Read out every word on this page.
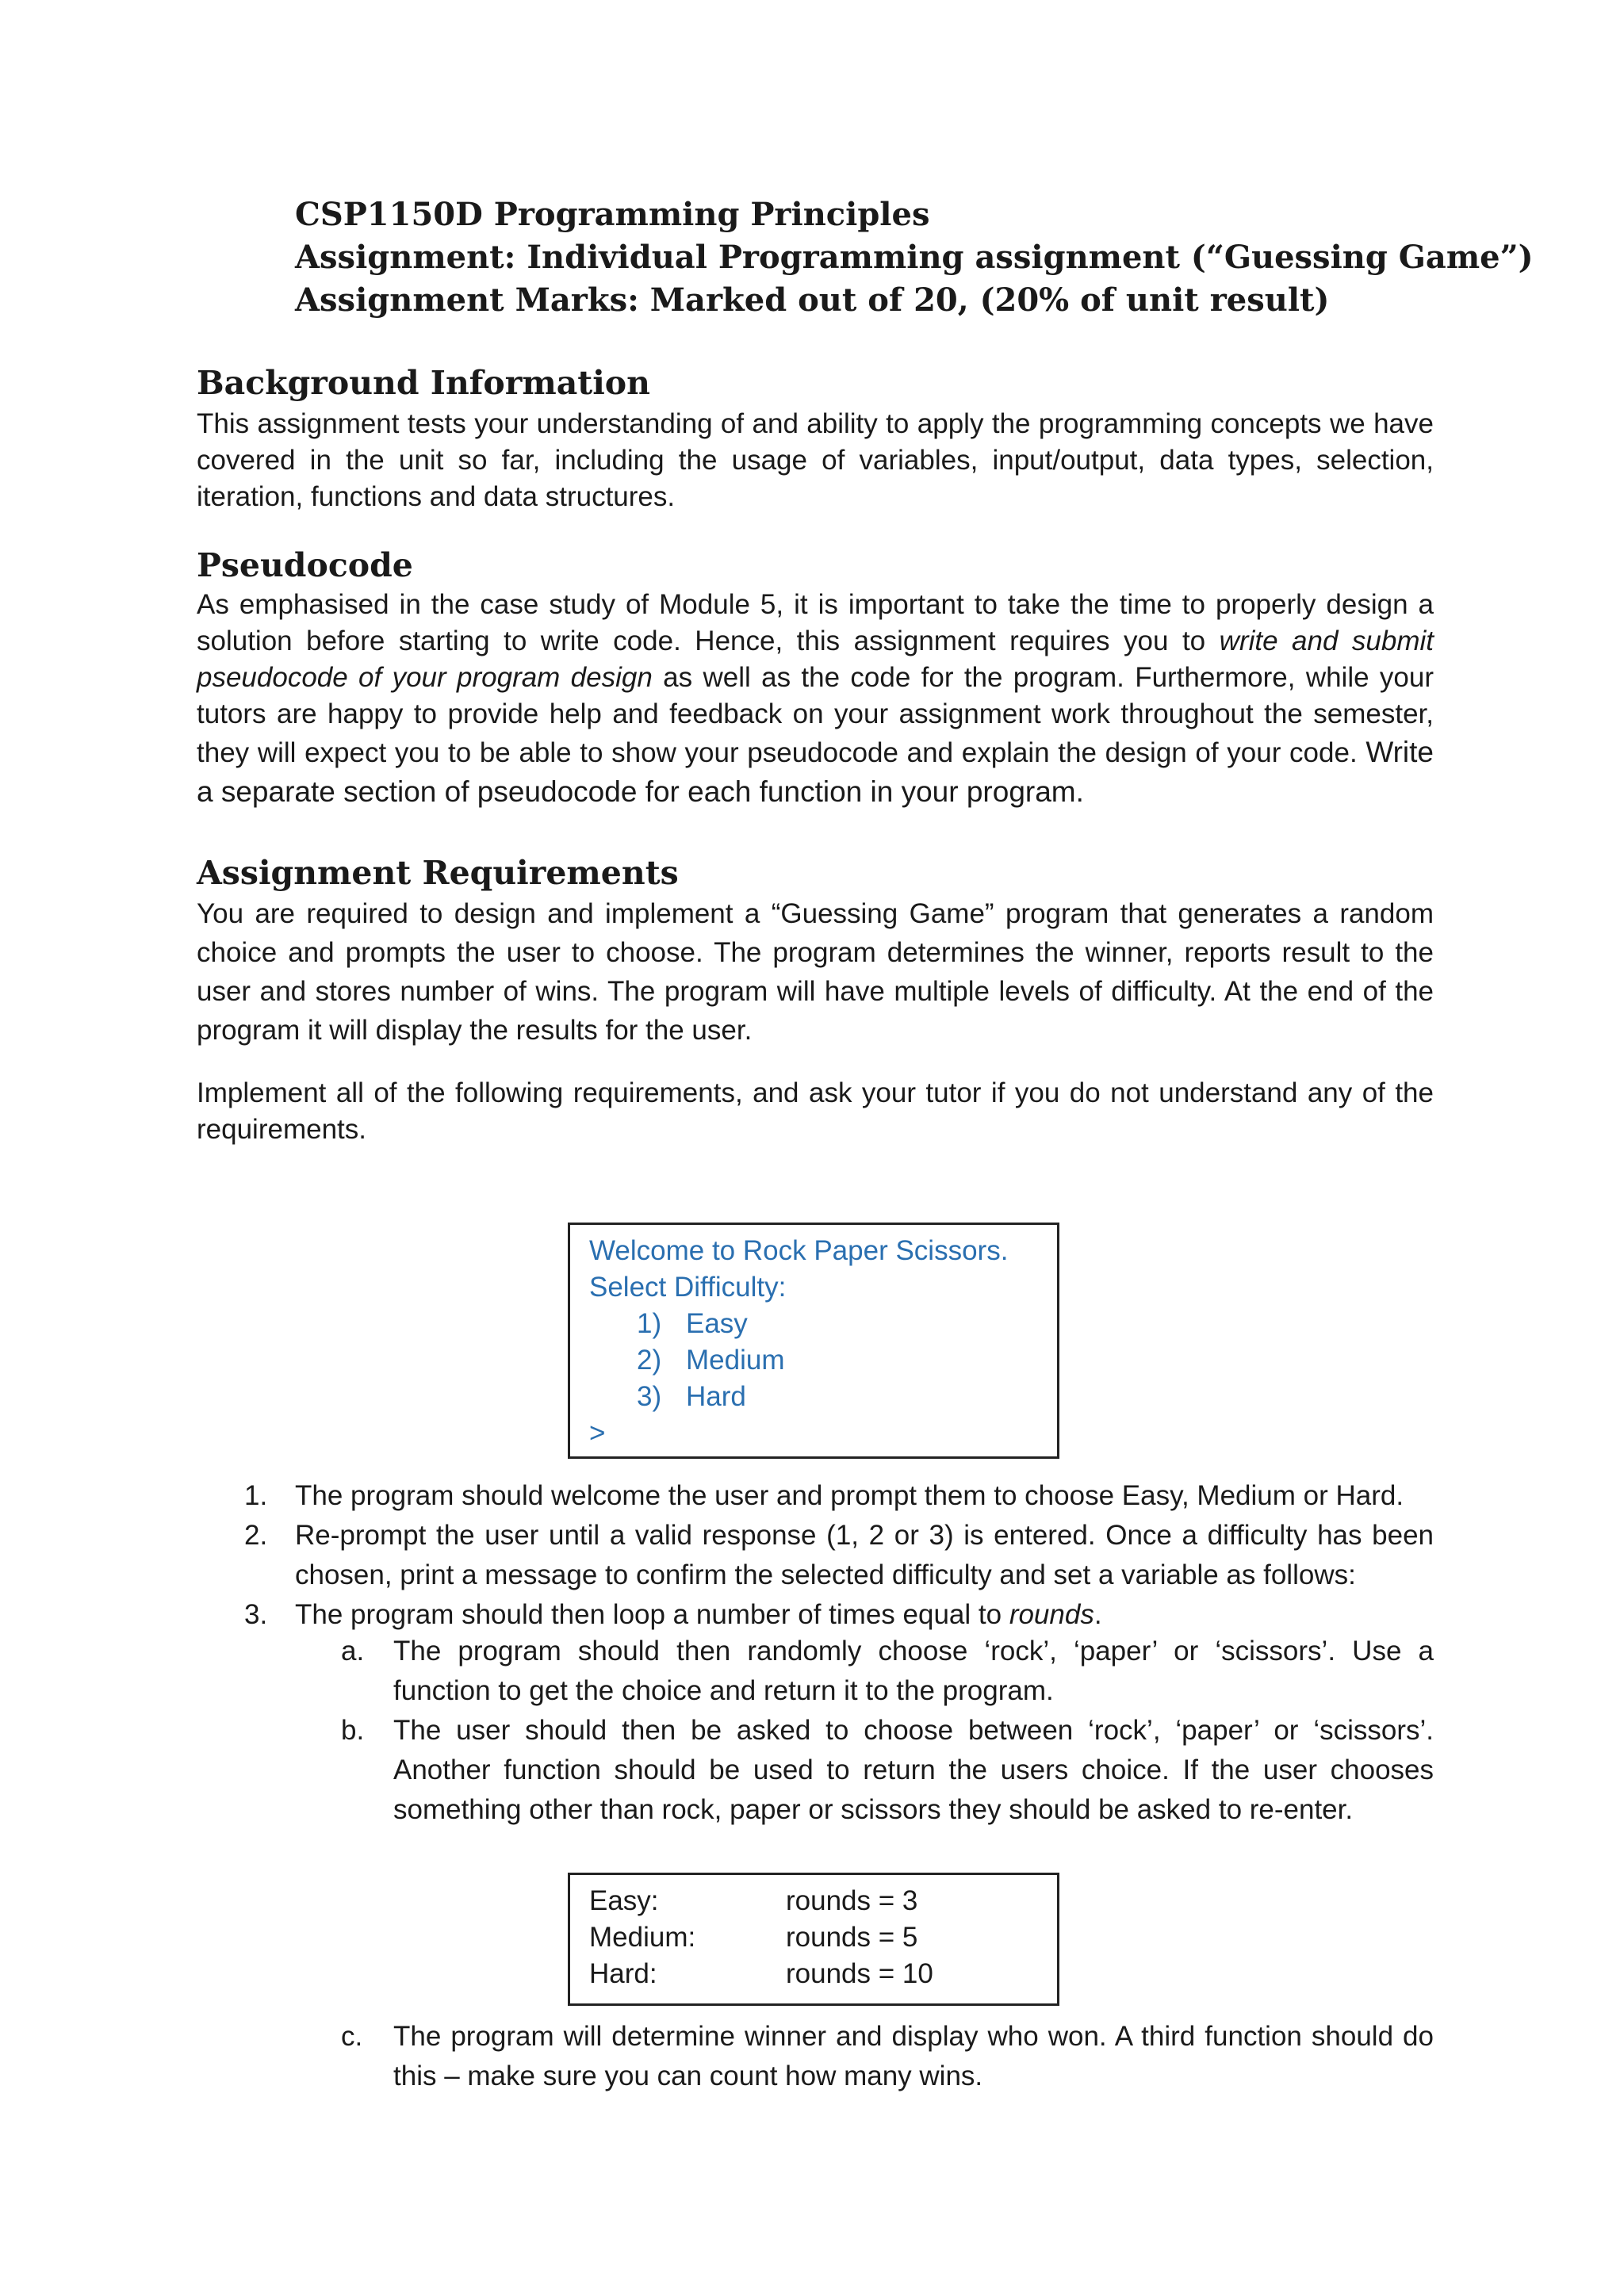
CSP1150D Programming Principles

Assignment: Individual Programming assignment (“Guessing Game”)

Assignment Marks: Marked out of 20, (20% of unit result)

Background Information

This assignment tests your understanding of and ability to apply the programming concepts we have covered in the unit so far, including the usage of variables, input/output, data types, selection, iteration, functions and data structures.

Pseudocode

As emphasised in the case study of Module 5, it is important to take the time to properly design a solution before starting to write code. Hence, this assignment requires you to write and submit pseudocode of your program design as well as the code for the program. Furthermore, while your tutors are happy to provide help and feedback on your assignment work throughout the semester, they will expect you to be able to show your pseudocode and explain the design of your code. Write a separate section of pseudocode for each function in your program.

Assignment Requirements

You are required to design and implement a “Guessing Game” program that generates a random choice and prompts the user to choose. The program determines the winner, reports result to the user and stores number of wins. The program will have multiple levels of difficulty. At the end of the program it will display the results for the user.

Implement all of the following requirements, and ask your tutor if you do not understand any of the requirements.

Welcome to Rock Paper Scissors.
Select Difficulty:
1) Easy
2) Medium
3) Hard
>
1. The program should welcome the user and prompt them to choose Easy, Medium or Hard.
2. Re-prompt the user until a valid response (1, 2 or 3) is entered. Once a difficulty has been chosen, print a message to confirm the selected difficulty and set a variable as follows:
3. The program should then loop a number of times equal to rounds.
a. The program should then randomly choose ‘rock’, ‘paper’ or ‘scissors’. Use a function to get the choice and return it to the program.
b. The user should then be asked to choose between ‘rock’, ‘paper’ or ‘scissors’. Another function should be used to return the users choice. If the user chooses something other than rock, paper or scissors they should be asked to re-enter.
Easy:	rounds = 3
Medium:	rounds = 5
Hard:	rounds = 10
c. The program will determine winner and display who won. A third function should do this – make sure you can count how many wins.
